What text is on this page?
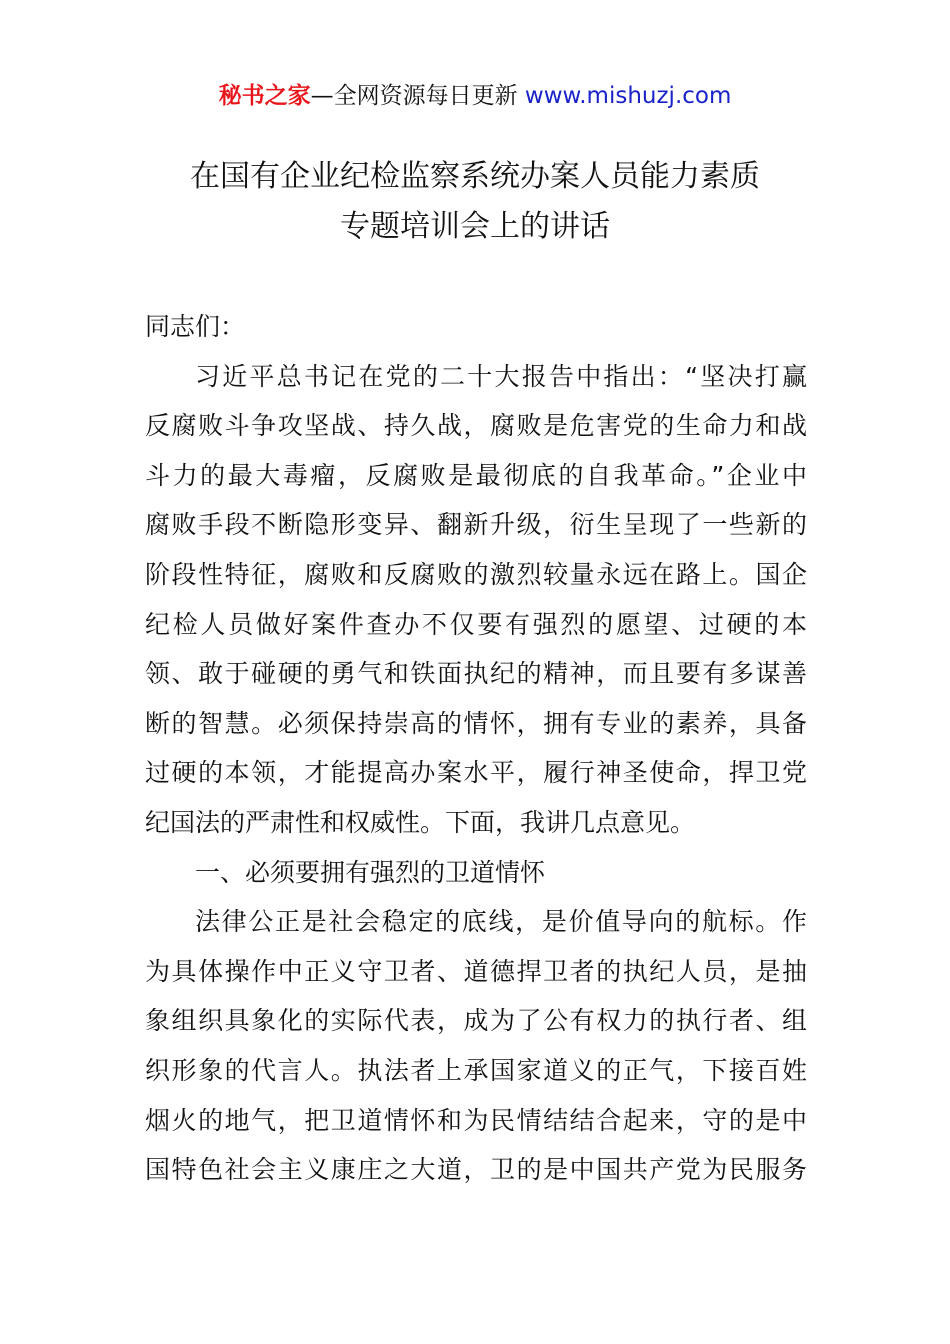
秘书之家—全网资源每日更新 www.mishuzj.com
在国有企业纪检监察系统办案人员能力素质
专题培训会上的讲话
同志们：
习近平总书记在党的二十大报告中指出：“坚决打赢
反腐败斗争攻坚战、持久战，腐败是危害党的生命力和战
斗力的最大毒瘤，反腐败是最彻底的自我革命。”企业中
腐败手段不断隐形变异、翻新升级，衍生呈现了一些新的
阶段性特征，腐败和反腐败的激烈较量永远在路上。国企
纪检人员做好案件查办不仅要有强烈的愿望、过硬的本
领、敢于碰硬的勇气和铁面执纪的精神，而且要有多谋善
断的智慧。必须保持崇高的情怀，拥有专业的素养，具备
过硬的本领，才能提高办案水平，履行神圣使命，捍卫党
纪国法的严肃性和权威性。下面，我讲几点意见。
一、必须要拥有强烈的卫道情怀
法律公正是社会稳定的底线，是价值导向的航标。作
为具体操作中正义守卫者、道德捍卫者的执纪人员，是抽
象组织具象化的实际代表，成为了公有权力的执行者、组
织形象的代言人。执法者上承国家道义的正气，下接百姓
烟火的地气，把卫道情怀和为民情结结合起来，守的是中
国特色社会主义康庄之大道，卫的是中国共产党为民服务
